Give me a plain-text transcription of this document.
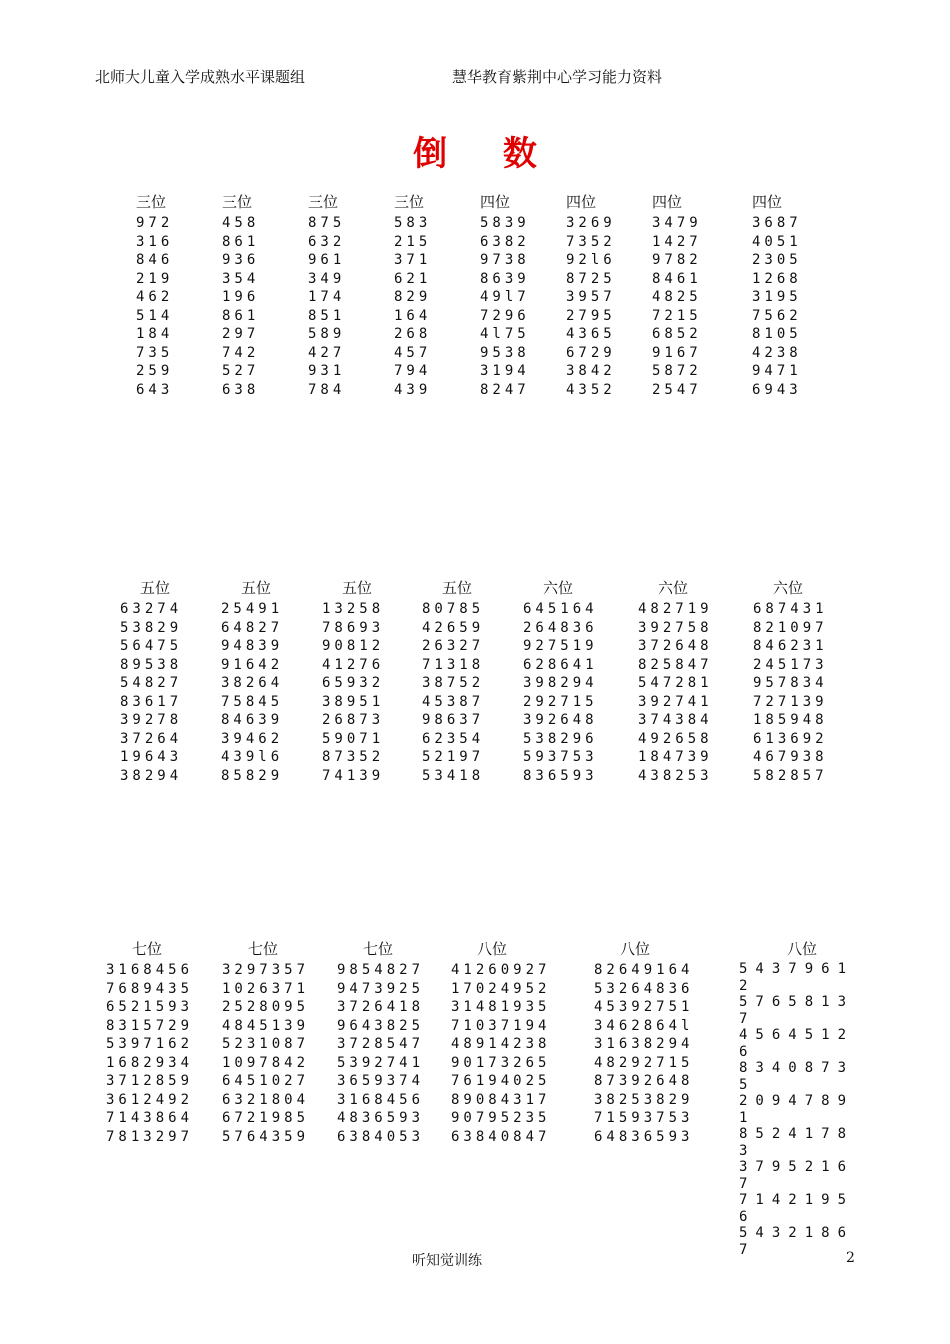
北师大儿童入学成熟水平课题组	慧华教育紫荆中心学习能力资料
倒 数
三位
972
316
846
219
462
514
184
735
259
643
三位
458
861
936
354
196
861
297
742
527
638
三位
875
632
961
349
174
851
589
427
931
784
三位
583
215
371
621
829
164
268
457
794
439
四位
5839
6382
9738
8639
49l7
7296
4l75
9538
3194
8247
四位
3269
7352
92l6
8725
3957
2795
4365
6729
3842
4352
四位
3479
1427
9782
8461
4825
7215
6852
9167
5872
2547
四位
3687
4051
2305
1268
3195
7562
8105
4238
9471
6943
五位
63274
53829
56475
89538
54827
83617
39278
37264
19643
38294
五位
25491
64827
94839
91642
38264
75845
84639
39462
439l6
85829
五位
13258
78693
90812
41276
65932
38951
26873
59071
87352
74139
五位
80785
42659
26327
71318
38752
45387
98637
62354
52197
53418
六位
645164
264836
927519
628641
398294
292715
392648
538296
593753
836593
六位
482719
392758
372648
825847
547281
392741
374384
492658
184739
438253
六位
687431
821097
846231
245173
957834
727139
185948
613692
467938
582857
七位
3168456
7689435
6521593
8315729
5397162
1682934
3712859
3612492
7143864
7813297
七位
3297357
1026371
2528095
4845139
5231087
1097842
6451027
6321804
6721985
5764359
七位
9854827
9473925
3726418
9643825
3728547
5392741
3659374
3168456
4836593
6384053
八位
41260927
17024952
31481935
71037194
48914238
90173265
76194025
89084317
90795235
63840847
八位
82649164
53264836
45392751
3462864l
31638294
48292715
87392648
38253829
71593753
64836593
八位
54379612
57658137
45645126
83408735
20947891
85241783
37952167
71421956
54321867
听知觉训练	2
